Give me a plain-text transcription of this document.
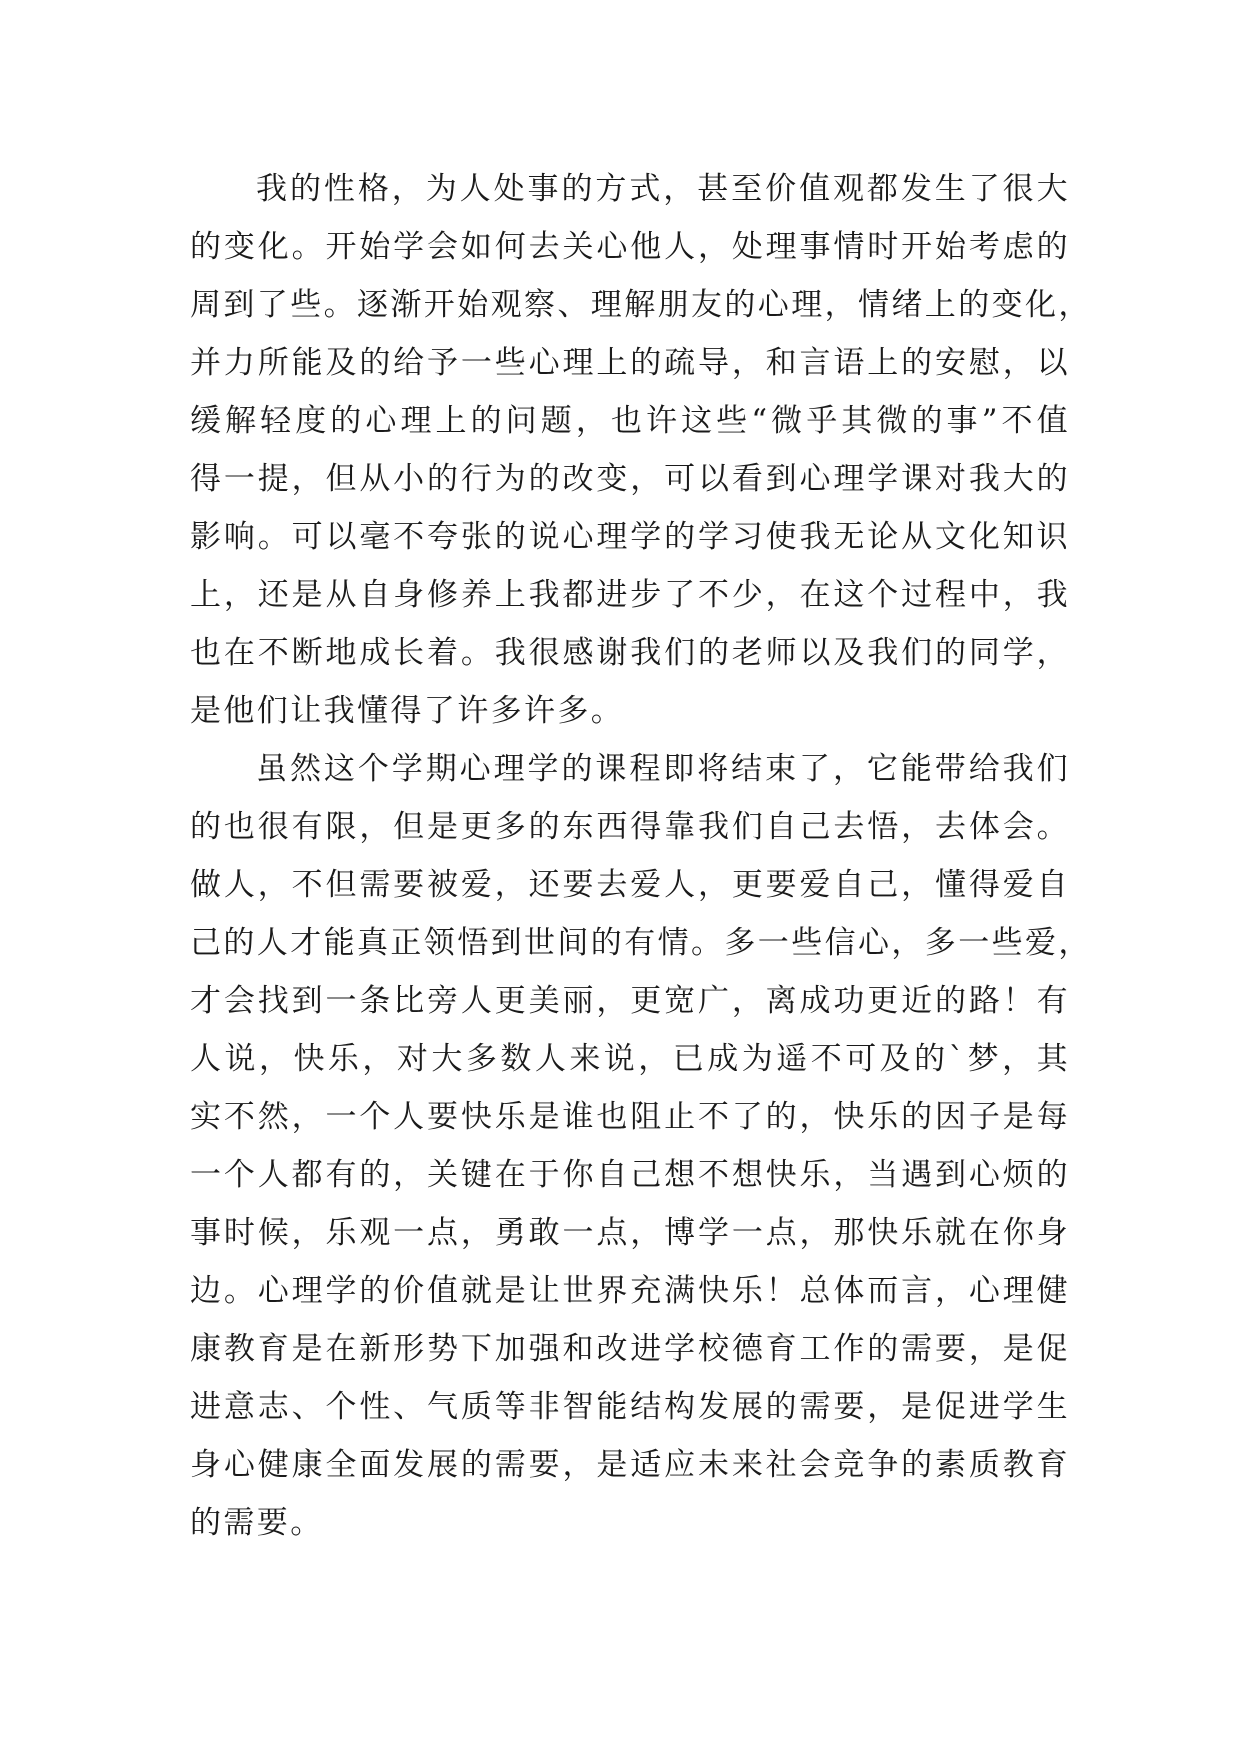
我的性格，为人处事的方式，甚至价值观都发生了很大
的变化。开始学会如何去关心他人，处理事情时开始考虑的
周到了些。逐渐开始观察、理解朋友的心理，情绪上的变化，
并力所能及的给予一些心理上的疏导，和言语上的安慰，以
缓解轻度的心理上的问题，也许这些“微乎其微的事”不值
得一提，但从小的行为的改变，可以看到心理学课对我大的
影响。可以毫不夸张的说心理学的学习使我无论从文化知识
上，还是从自身修养上我都进步了不少，在这个过程中，我
也在不断地成长着。我很感谢我们的老师以及我们的同学，
是他们让我懂得了许多许多。
虽然这个学期心理学的课程即将结束了，它能带给我们
的也很有限，但是更多的东西得靠我们自己去悟，去体会。
做人，不但需要被爱，还要去爱人，更要爱自己，懂得爱自
己的人才能真正领悟到世间的有情。多一些信心，多一些爱，
才会找到一条比旁人更美丽，更宽广，离成功更近的路！有
人说，快乐，对大多数人来说，已成为遥不可及的`梦，其
实不然，一个人要快乐是谁也阻止不了的，快乐的因子是每
一个人都有的，关键在于你自己想不想快乐，当遇到心烦的
事时候，乐观一点，勇敢一点，博学一点，那快乐就在你身
边。心理学的价值就是让世界充满快乐！总体而言，心理健
康教育是在新形势下加强和改进学校德育工作的需要，是促
进意志、个性、气质等非智能结构发展的需要，是促进学生
身心健康全面发展的需要，是适应未来社会竞争的素质教育
的需要。
